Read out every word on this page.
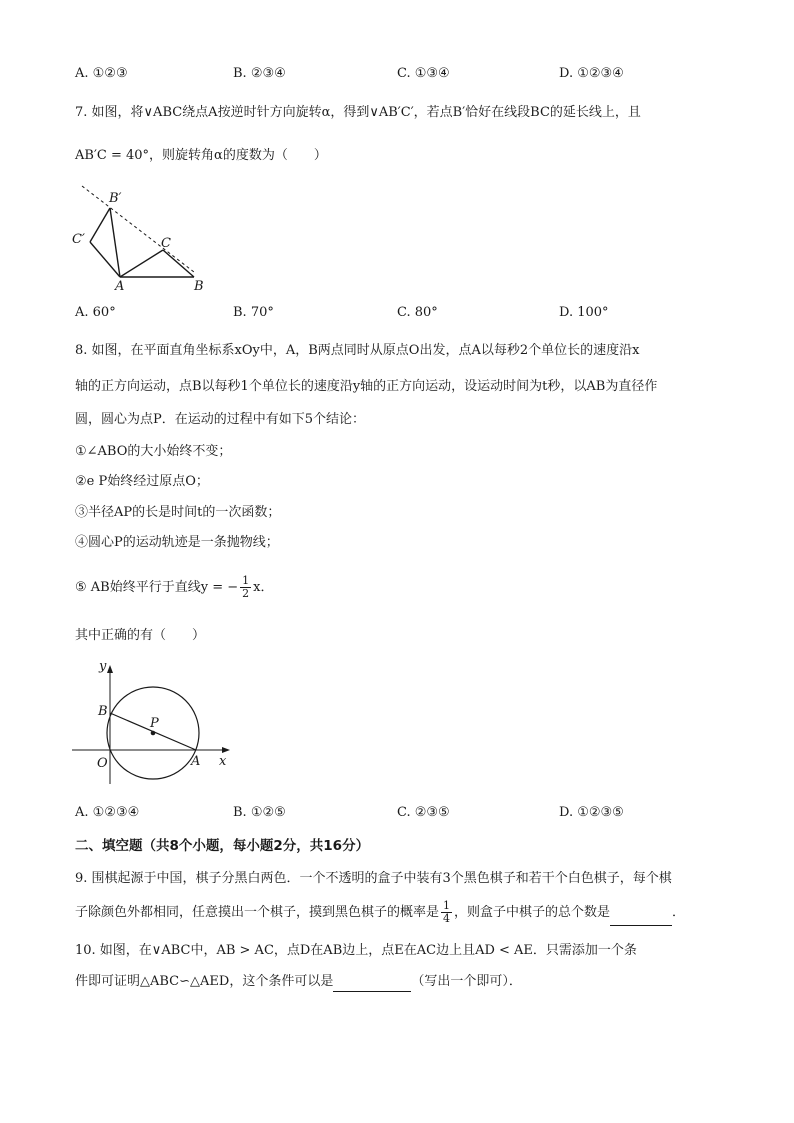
A. ①②③	B. ②③④	C. ①③④	D. ①②③④
7. 如图，将∨ABC绕点A按逆时针方向旋转α，得到∨AB′C′，若点B′恰好在线段BC的延长线上，且
AB′C = 40°，则旋转角α的度数为（　　）
B′
C′	C
A	B
A. 60°	B. 70°	C. 80°	D. 100°
8. 如图，在平面直角坐标系xOy中，A，B两点同时从原点O出发，点A以每秒2个单位长的速度沿x
轴的正方向运动，点B以每秒1个单位长的速度沿y轴的正方向运动，设运动时间为t秒，以AB为直径作
圆，圆心为点P．在运动的过程中有如下5个结论：
①∠ABO的大小始终不变；
②e P始终经过原点O；
③半径AP的长是时间t的一次函数；
④圆心P的运动轨迹是一条抛物线；
⑤ AB始终平行于直线y = − $\frac{1}{2}$ x．
其中正确的有（　　）
y
B
P
O	A x
A. ①②③④	B. ①②⑤	C. ②③⑤	D. ①②③⑤
二、填空题（共8个小题，每小题2分，共16分）
9. 围棋起源于中国，棋子分黑白两色．一个不透明的盒子中装有3个黑色棋子和若干个白色棋子，每个棋
子除颜色外都相同，任意摸出一个棋子，摸到黑色棋子的概率是 $\frac{1}{4}$ ，则盒子中棋子的总个数是	．
10. 如图，在∨ABC中，AB > AC，点D在AB边上，点E在AC边上且AD < AE．只需添加一个条
件即可证明△ABC∽△AED，这个条件可以是	（写出一个即可）．
